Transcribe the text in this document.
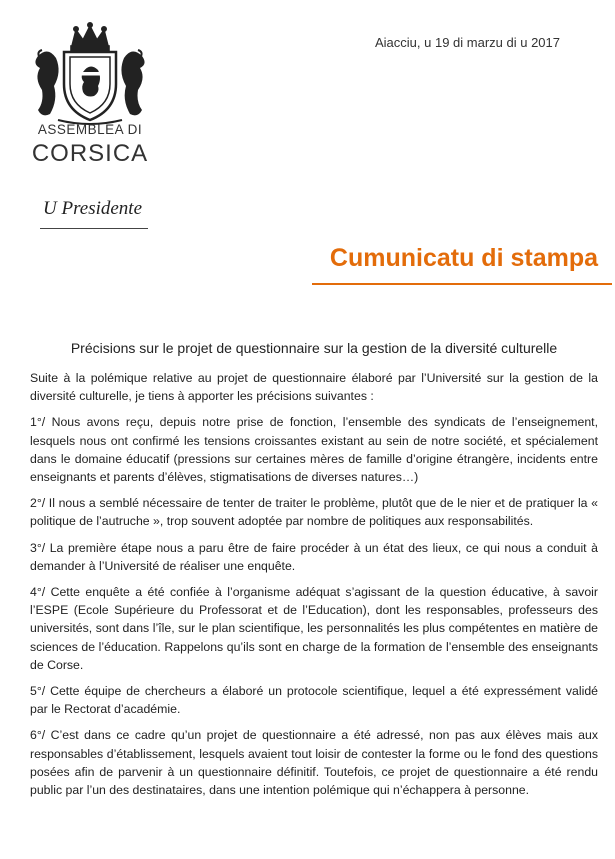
ASSEMBLEA DI
CORSICA
U Presidente
Aiacciu, u 19 di marzu di u 2017
Cumunicatu di stampa
Précisions sur le projet de questionnaire sur la gestion de la diversité culturelle

Suite à la polémique relative au projet de questionnaire élaboré par l’Université sur la gestion de la diversité culturelle, je tiens à apporter les précisions suivantes :

1°/ Nous avons reçu, depuis notre prise de fonction, l’ensemble des syndicats de l’enseignement, lesquels nous ont confirmé les tensions croissantes existant au sein de notre société, et spécialement dans le domaine éducatif (pressions sur certaines mères de famille d’origine étrangère, incidents entre enseignants et parents d’élèves, stigmatisations de diverses natures…)

2°/ Il nous a semblé nécessaire de tenter de traiter le problème, plutôt que de le nier et de pratiquer la « politique de l’autruche », trop souvent adoptée par nombre de politiques aux responsabilités.

3°/ La première étape nous a paru être de faire procéder à un état des lieux, ce qui nous a conduit à demander à l’Université de réaliser une enquête.

4°/ Cette enquête a été confiée à l’organisme adéquat s’agissant de la question éducative, à savoir l’ESPE (Ecole Supérieure du Professorat et de l’Education), dont les responsables, professeurs des universités, sont dans l’île, sur le plan scientifique, les personnalités les plus compétentes en matière de sciences de l’éducation. Rappelons qu’ils sont en charge de la formation de l’ensemble des enseignants de Corse.

5°/ Cette équipe de chercheurs a élaboré un protocole scientifique, lequel a été expressément validé par le Rectorat d’académie.

6°/ C’est dans ce cadre qu’un projet de questionnaire a été adressé, non pas aux élèves mais aux responsables d’établissement, lesquels avaient tout loisir de contester la forme ou le fond des questions posées afin de parvenir à un questionnaire définitif. Toutefois, ce projet de questionnaire a été rendu public par l’un des destinataires, dans une intention polémique qui n’échappera à personne.
